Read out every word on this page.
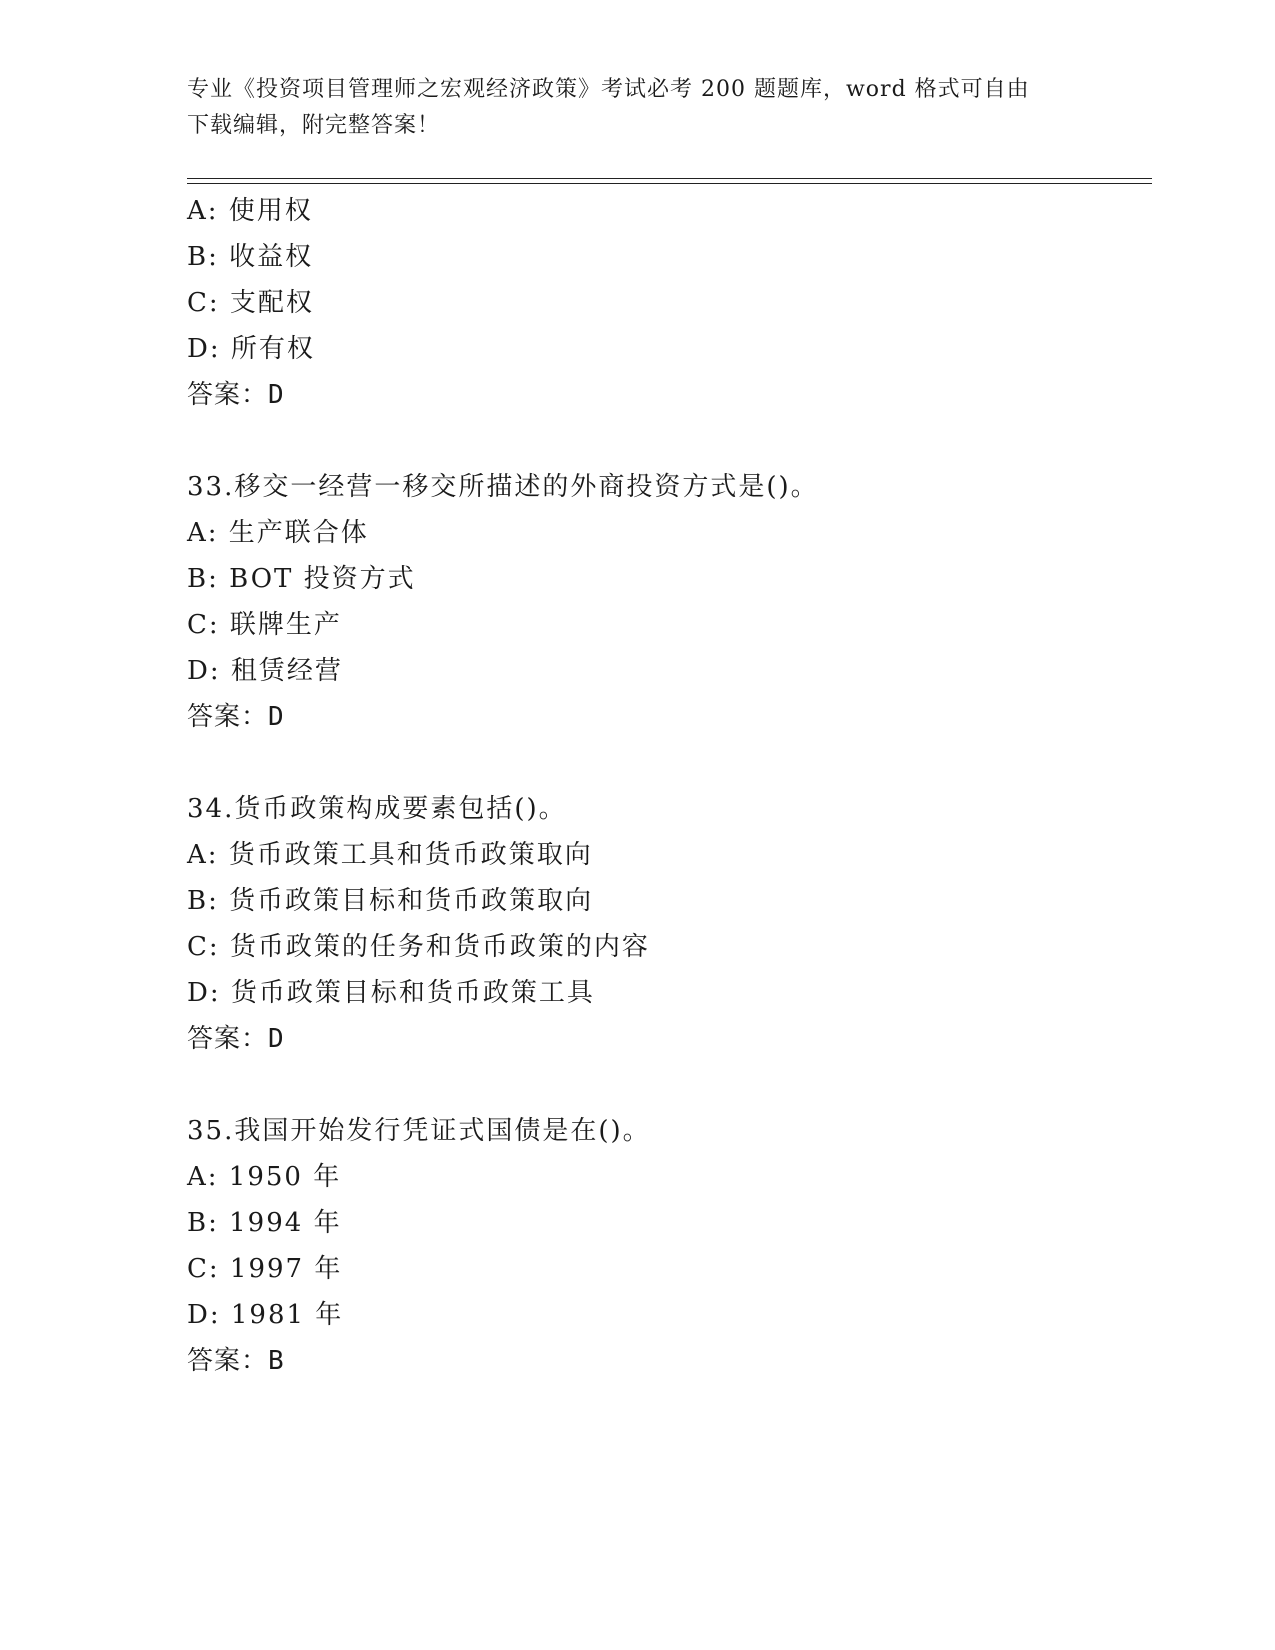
专业《投资项目管理师之宏观经济政策》考试必考 200 题题库，word 格式可自由
下载编辑，附完整答案！
A: 使用权
B: 收益权
C: 支配权
D: 所有权
答案：D
33.移交一经营一移交所描述的外商投资方式是()。
A: 生产联合体
B: BOT 投资方式
C: 联牌生产
D: 租赁经营
答案：D
34.货币政策构成要素包括()。
A: 货币政策工具和货币政策取向
B: 货币政策目标和货币政策取向
C: 货币政策的任务和货币政策的内容
D: 货币政策目标和货币政策工具
答案：D
35.我国开始发行凭证式国债是在()。
A: 1950 年
B: 1994 年
C: 1997 年
D: 1981 年
答案：B
